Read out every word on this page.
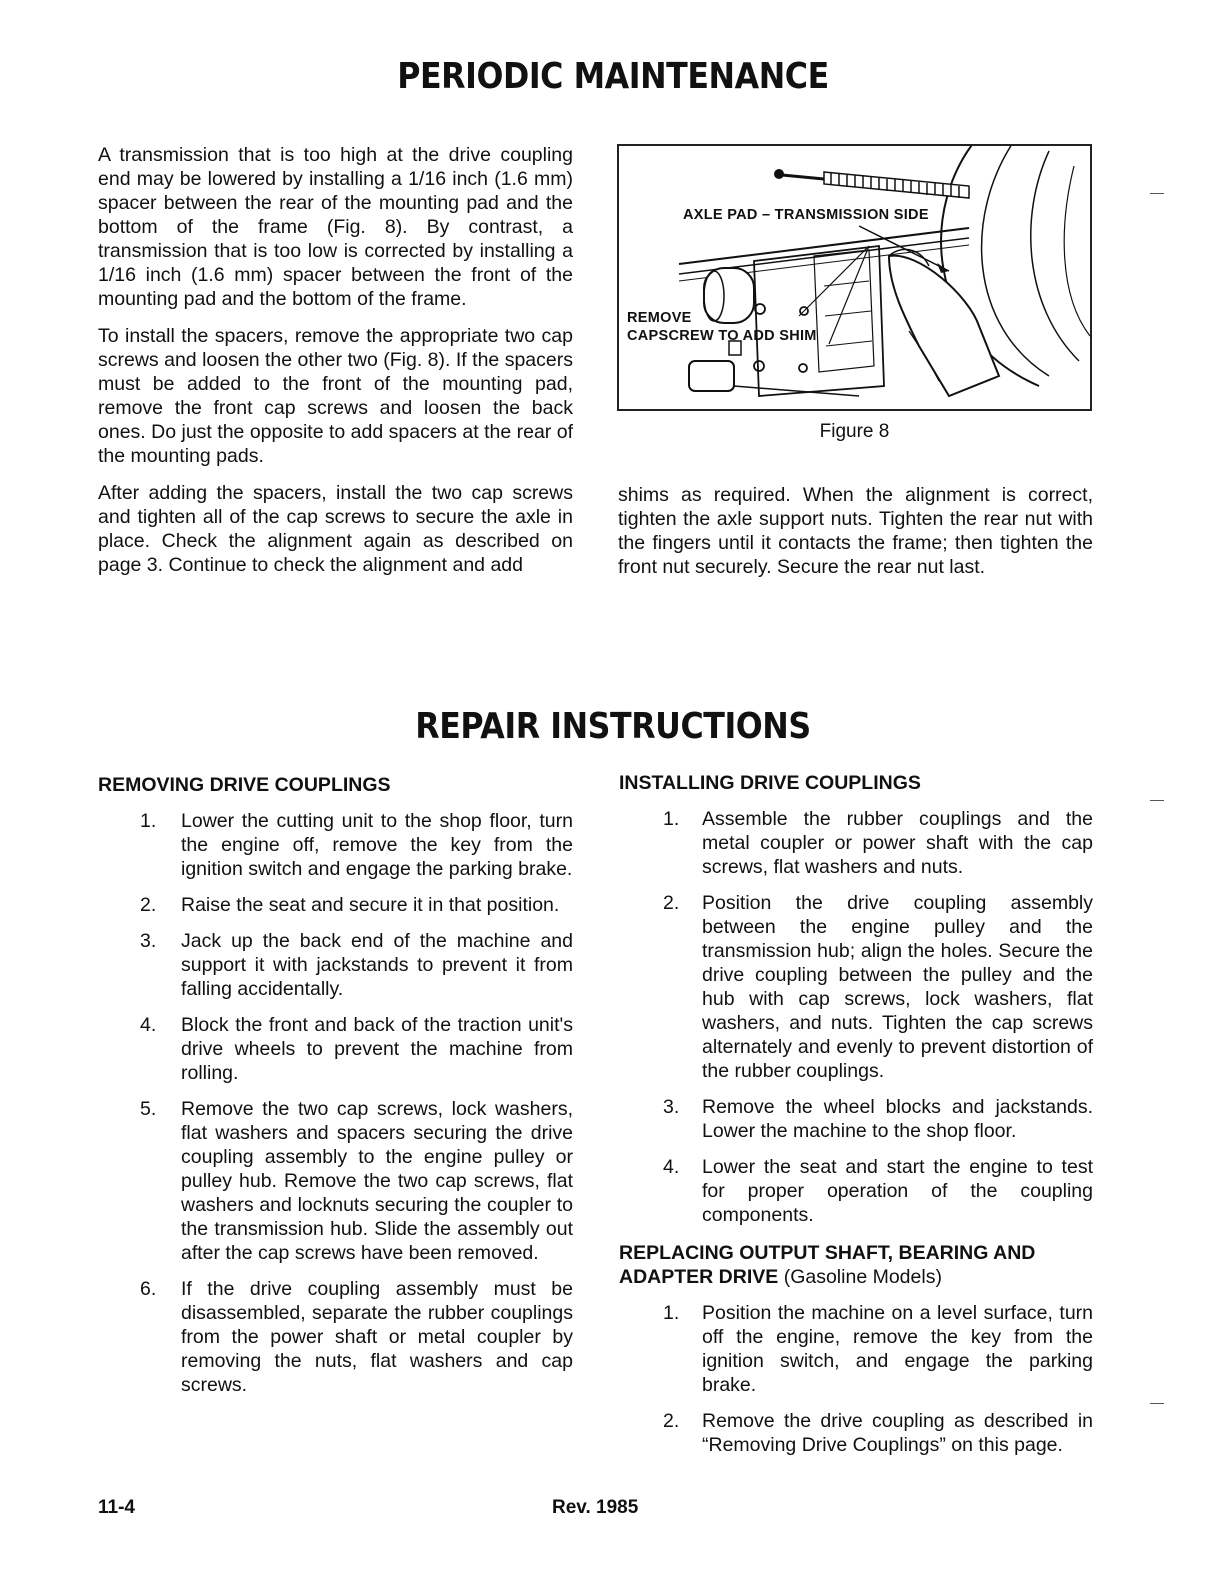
PERIODIC MAINTENANCE

A transmission that is too high at the drive coupling end may be lowered by installing a 1/16 inch (1.6 mm) spacer between the rear of the mounting pad and the bottom of the frame (Fig. 8). By contrast, a transmission that is too low is corrected by installing a 1/16 inch (1.6 mm) spacer between the front of the mounting pad and the bottom of the frame.

To install the spacers, remove the appropriate two cap screws and loosen the other two (Fig. 8). If the spacers must be added to the front of the mounting pad, remove the front cap screws and loosen the back ones. Do just the opposite to add spacers at the rear of the mounting pads.

After adding the spacers, install the two cap screws and tighten all of the cap screws to secure the axle in place. Check the alignment again as described on page 3. Continue to check the alignment and add

AXLE PAD – TRANSMISSION SIDE
REMOVE
CAPSCREW TO ADD SHIM
Figure 8

shims as required. When the alignment is correct, tighten the axle support nuts. Tighten the rear nut with the fingers until it contacts the frame; then tighten the front nut securely. Secure the rear nut last.

REPAIR INSTRUCTIONS
REMOVING DRIVE COUPLINGS
1. Lower the cutting unit to the shop floor, turn the engine off, remove the key from the ignition switch and engage the parking brake.
2. Raise the seat and secure it in that position.
3. Jack up the back end of the machine and support it with jackstands to prevent it from falling accidentally.
4. Block the front and back of the traction unit's drive wheels to prevent the machine from rolling.
5. Remove the two cap screws, lock washers, flat washers and spacers securing the drive coupling assembly to the engine pulley or pulley hub. Remove the two cap screws, flat washers and locknuts securing the coupler to the transmission hub. Slide the assembly out after the cap screws have been removed.
6. If the drive coupling assembly must be disassembled, separate the rubber couplings from the power shaft or metal coupler by removing the nuts, flat washers and cap screws.
INSTALLING DRIVE COUPLINGS
1. Assemble the rubber couplings and the metal coupler or power shaft with the cap screws, flat washers and nuts.
2. Position the drive coupling assembly between the engine pulley and the transmission hub; align the holes. Secure the drive coupling between the pulley and the hub with cap screws, lock washers, flat washers, and nuts. Tighten the cap screws alternately and evenly to prevent distortion of the rubber couplings.
3. Remove the wheel blocks and jackstands. Lower the machine to the shop floor.
4. Lower the seat and start the engine to test for proper operation of the coupling components.
REPLACING OUTPUT SHAFT, BEARING AND ADAPTER DRIVE (Gasoline Models)
1. Position the machine on a level surface, turn off the engine, remove the key from the ignition switch, and engage the parking brake.
2. Remove the drive coupling as described in “Removing Drive Couplings” on this page.
11-4	Rev. 1985
